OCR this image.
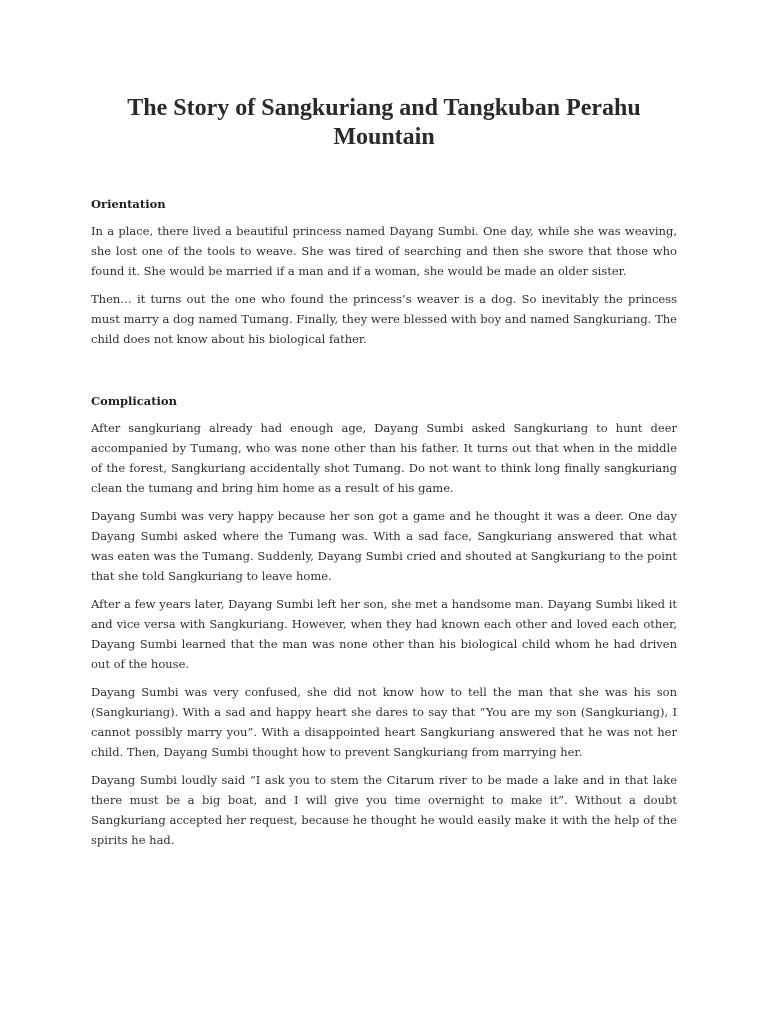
The Story of Sangkuriang and Tangkuban Perahu Mountain
Orientation

In a place, there lived a beautiful princess named Dayang Sumbi. One day, while she was weaving, she lost one of the tools to weave. She was tired of searching and then she swore that those who found it. She would be married if a man and if a woman, she would be made an older sister.

Then… it turns out the one who found the princess’s weaver is a dog. So inevitably the princess must marry a dog named Tumang. Finally, they were blessed with boy and named Sangkuriang. The child does not know about his biological father.

Complication

After sangkuriang already had enough age, Dayang Sumbi asked Sangkuriang to hunt deer accompanied by Tumang, who was none other than his father. It turns out that when in the middle of the forest, Sangkuriang accidentally shot Tumang. Do not want to think long finally sangkuriang clean the tumang and bring him home as a result of his game.

Dayang Sumbi was very happy because her son got a game and he thought it was a deer. One day Dayang Sumbi asked where the Tumang was. With a sad face, Sangkuriang answered that what was eaten was the Tumang. Suddenly, Dayang Sumbi cried and shouted at Sangkuriang to the point that she told Sangkuriang to leave home.

After a few years later, Dayang Sumbi left her son, she met a handsome man. Dayang Sumbi liked it and vice versa with Sangkuriang. However, when they had known each other and loved each other, Dayang Sumbi learned that the man was none other than his biological child whom he had driven out of the house.

Dayang Sumbi was very confused, she did not know how to tell the man that she was his son (Sangkuriang). With a sad and happy heart she dares to say that “You are my son (Sangkuriang), I cannot possibly marry you”. With a disappointed heart Sangkuriang answered that he was not her child. Then, Dayang Sumbi thought how to prevent Sangkuriang from marrying her.

Dayang Sumbi loudly said “I ask you to stem the Citarum river to be made a lake and in that lake there must be a big boat, and I will give you time overnight to make it”. Without a doubt Sangkuriang accepted her request, because he thought he would easily make it with the help of the spirits he had.
